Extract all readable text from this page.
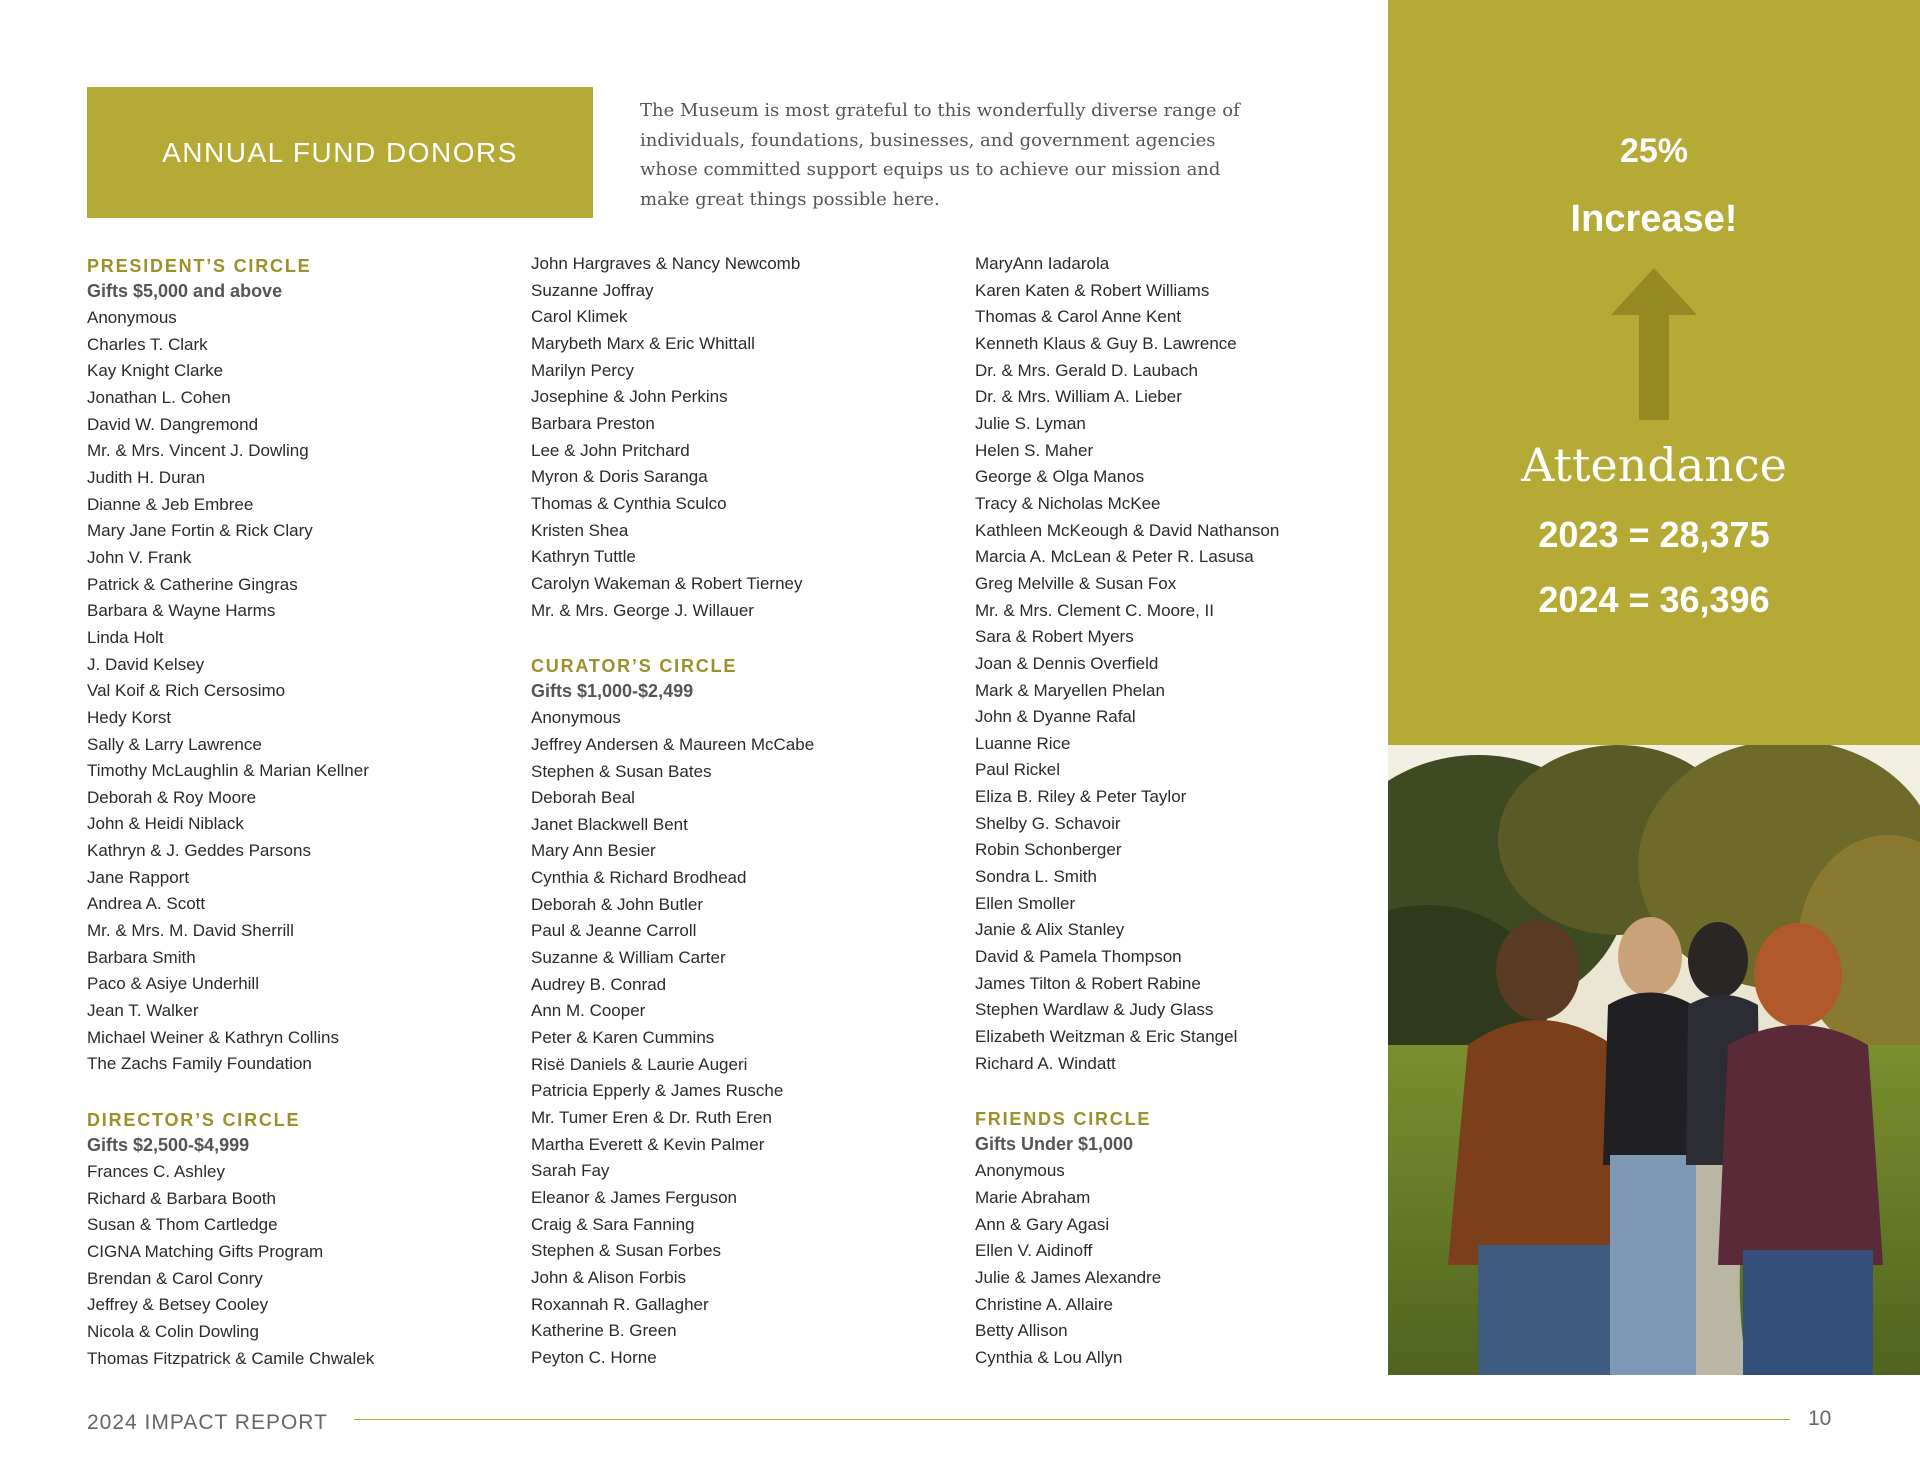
ANNUAL FUND DONORS

The Museum is most grateful to this wonderfully diverse range of individuals, foundations, businesses, and government agencies whose committed support equips us to achieve our mission and make great things possible here.

PRESIDENT’S CIRCLE
Gifts $5,000 and above
Anonymous
Charles T. Clark
Kay Knight Clarke
Jonathan L. Cohen
David W. Dangremond
Mr. & Mrs. Vincent J. Dowling
Judith H. Duran
Dianne & Jeb Embree
Mary Jane Fortin & Rick Clary
John V. Frank
Patrick & Catherine Gingras
Barbara & Wayne Harms
Linda Holt
J. David Kelsey
Val Koif & Rich Cersosimo
Hedy Korst
Sally & Larry Lawrence
Timothy McLaughlin & Marian Kellner
Deborah & Roy Moore
John & Heidi Niblack
Kathryn & J. Geddes Parsons
Jane Rapport
Andrea A. Scott
Mr. & Mrs. M. David Sherrill
Barbara Smith
Paco & Asiye Underhill
Jean T. Walker
Michael Weiner & Kathryn Collins
The Zachs Family Foundation
DIRECTOR’S CIRCLE
Gifts $2,500-$4,999
Frances C. Ashley
Richard & Barbara Booth
Susan & Thom Cartledge
CIGNA Matching Gifts Program
Brendan & Carol Conry
Jeffrey & Betsey Cooley
Nicola & Colin Dowling
Thomas Fitzpatrick & Camile Chwalek
John Hargraves & Nancy Newcomb
Suzanne Joffray
Carol Klimek
Marybeth Marx & Eric Whittall
Marilyn Percy
Josephine & John Perkins
Barbara Preston
Lee & John Pritchard
Myron & Doris Saranga
Thomas & Cynthia Sculco
Kristen Shea
Kathryn Tuttle
Carolyn Wakeman & Robert Tierney
Mr. & Mrs. George J. Willauer
CURATOR’S CIRCLE
Gifts $1,000-$2,499
Anonymous
Jeffrey Andersen & Maureen McCabe
Stephen & Susan Bates
Deborah Beal
Janet Blackwell Bent
Mary Ann Besier
Cynthia & Richard Brodhead
Deborah & John Butler
Paul & Jeanne Carroll
Suzanne & William Carter
Audrey B. Conrad
Ann M. Cooper
Peter & Karen Cummins
Risë Daniels & Laurie Augeri
Patricia Epperly & James Rusche
Mr. Tumer Eren & Dr. Ruth Eren
Martha Everett & Kevin Palmer
Sarah Fay
Eleanor & James Ferguson
Craig & Sara Fanning
Stephen & Susan Forbes
John & Alison Forbis
Roxannah R. Gallagher
Katherine B. Green
Peyton C. Horne
MaryAnn Iadarola
Karen Katen & Robert Williams
Thomas & Carol Anne Kent
Kenneth Klaus & Guy B. Lawrence
Dr. & Mrs. Gerald D. Laubach
Dr. & Mrs. William A. Lieber
Julie S. Lyman
Helen S. Maher
George & Olga Manos
Tracy & Nicholas McKee
Kathleen McKeough & David Nathanson
Marcia A. McLean & Peter R. Lasusa
Greg Melville & Susan Fox
Mr. & Mrs. Clement C. Moore, II
Sara & Robert Myers
Joan & Dennis Overfield
Mark & Maryellen Phelan
John & Dyanne Rafal
Luanne Rice
Paul Rickel
Eliza B. Riley & Peter Taylor
Shelby G. Schavoir
Robin Schonberger
Sondra L. Smith
Ellen Smoller
Janie & Alix Stanley
David & Pamela Thompson
James Tilton & Robert Rabine
Stephen Wardlaw & Judy Glass
Elizabeth Weitzman & Eric Stangel
Richard A. Windatt
FRIENDS CIRCLE
Gifts Under $1,000
Anonymous
Marie Abraham
Ann & Gary Agasi
Ellen V. Aidinoff
Julie & James Alexandre
Christine A. Allaire
Betty Allison
Cynthia & Lou Allyn
25%
Increase!
Attendance
2023 = 28,375
2024 = 36,396
2024 IMPACT REPORT	10
